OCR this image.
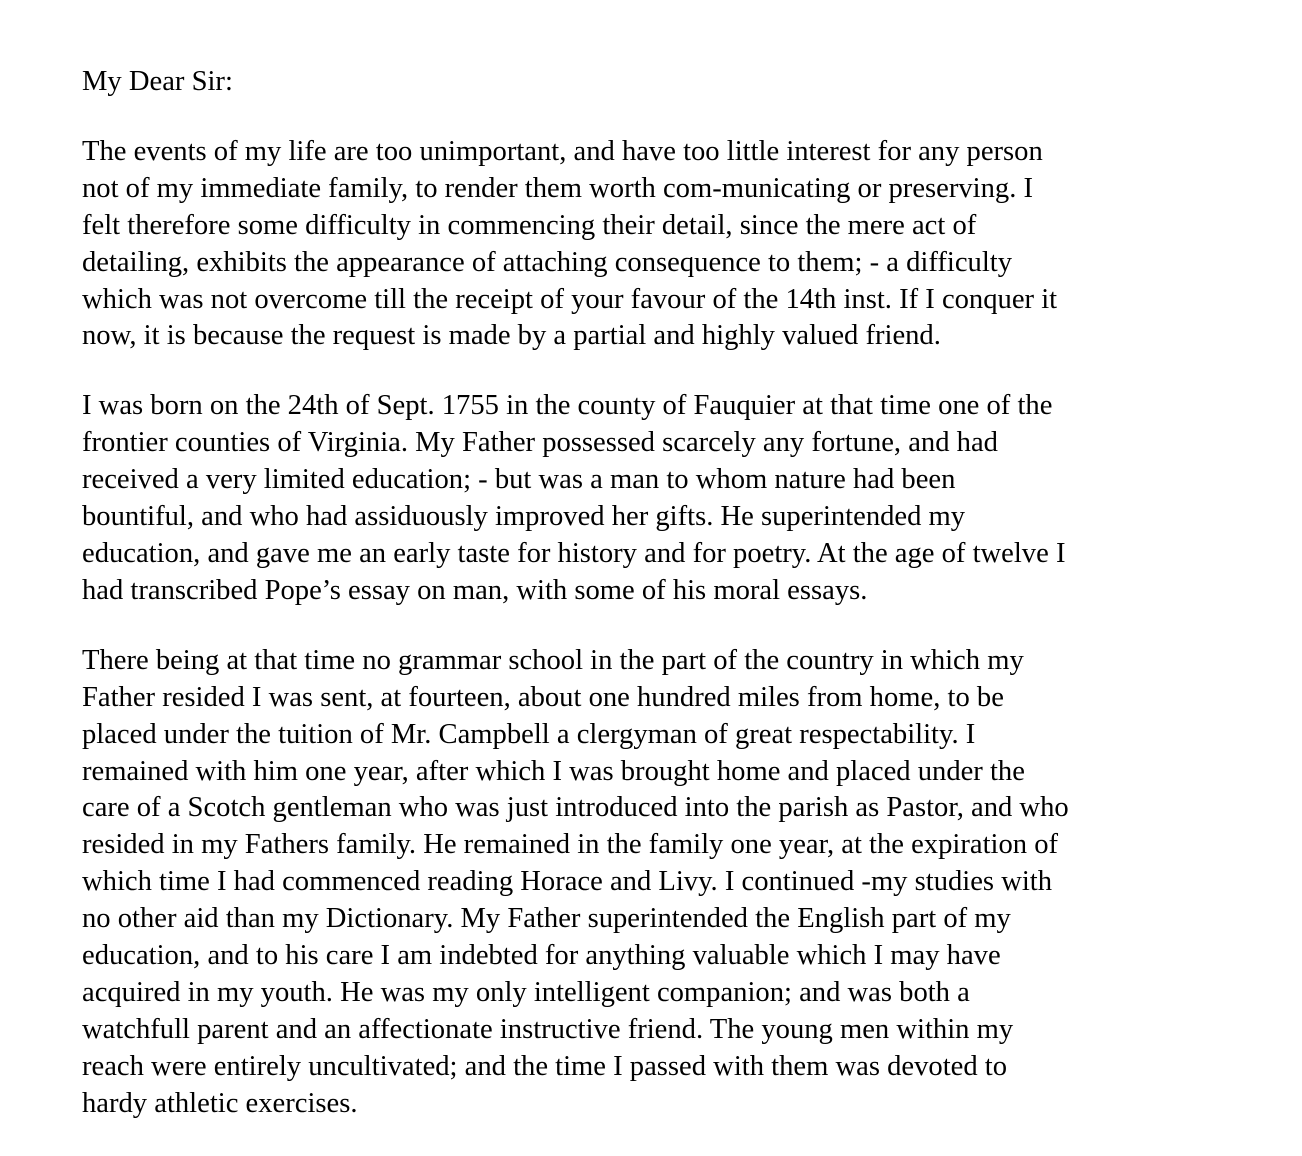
My Dear Sir:
The events of my life are too unimportant, and have too little interest for any person
not of my immediate family, to render them worth com-municating or preserving. I
felt therefore some difficulty in commencing their detail, since the mere act of
detailing, exhibits the appearance of attaching consequence to them; - a difficulty
which was not overcome till the receipt of your favour of the 14th inst. If I conquer it
now, it is because the request is made by a partial and highly valued friend.
I was born on the 24th of Sept. 1755 in the county of Fauquier at that time one of the
frontier counties of Virginia. My Father possessed scarcely any fortune, and had
received a very limited education; - but was a man to whom nature had been
bountiful, and who had assiduously improved her gifts. He superintended my
education, and gave me an early taste for history and for poetry. At the age of twelve I
had transcribed Pope’s essay on man, with some of his moral essays.
There being at that time no grammar school in the part of the country in which my
Father resided I was sent, at fourteen, about one hundred miles from home, to be
placed under the tuition of Mr. Campbell a clergyman of great respectability. I
remained with him one year, after which I was brought home and placed under the
care of a Scotch gentleman who was just introduced into the parish as Pastor, and who
resided in my Fathers family. He remained in the family one year, at the expiration of
which time I had commenced reading Horace and Livy. I continued -my studies with
no other aid than my Dictionary. My Father superintended the English part of my
education, and to his care I am indebted for anything valuable which I may have
acquired in my youth. He was my only intelligent companion; and was both a
watchfull parent and an affectionate instructive friend. The young men within my
reach were entirely uncultivated; and the time I passed with them was devoted to
hardy athletic exercises.
